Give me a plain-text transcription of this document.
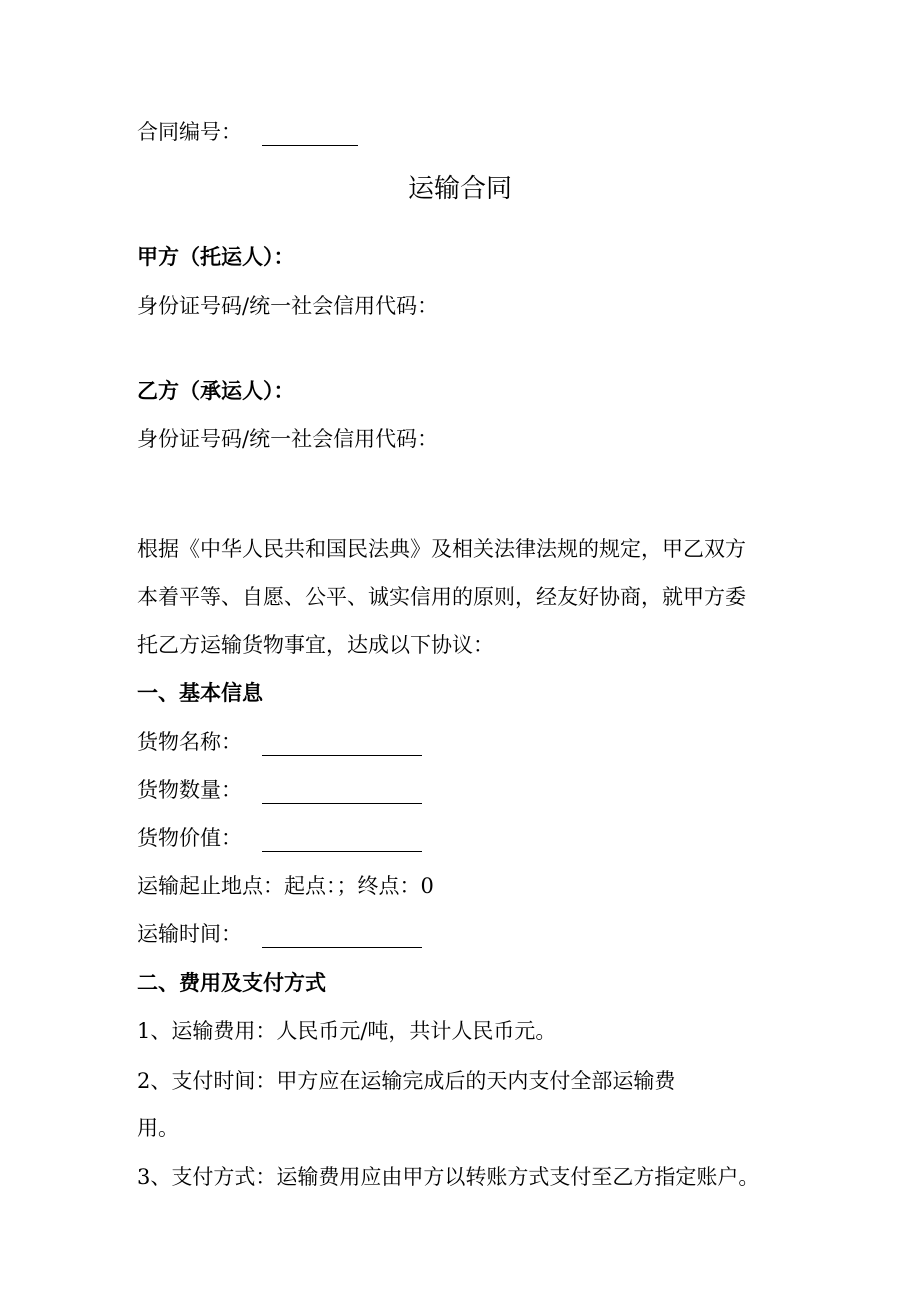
合同编号：
运输合同
甲方（托运人）：
身份证号码/统一社会信用代码：
乙方（承运人）：
身份证号码/统一社会信用代码：
根据《中华人民共和国民法典》及相关法律法规的规定，甲乙双方
本着平等、自愿、公平、诚实信用的原则，经友好协商，就甲方委
托乙方运输货物事宜，达成以下协议：
一、基本信息
货物名称：
货物数量：
货物价值：
运输起止地点：起点：；终点：0
运输时间：
二、费用及支付方式
1、运输费用：人民币元/吨，共计人民币元。
2、支付时间：甲方应在运输完成后的天内支付全部运输费
用。
3、支付方式：运输费用应由甲方以转账方式支付至乙方指定账户。
